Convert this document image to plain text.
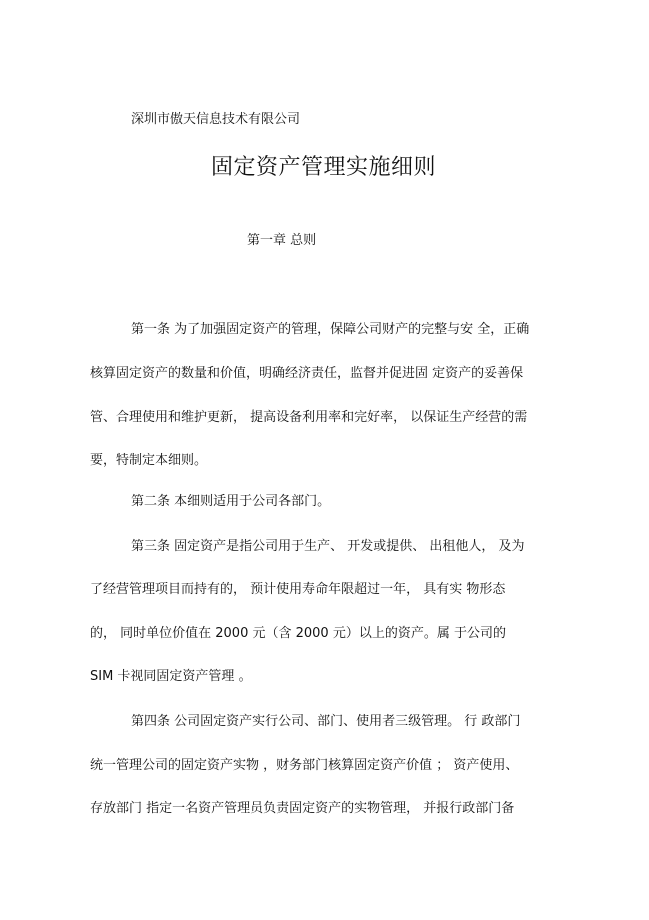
深圳市傲天信息技术有限公司

固定资产管理实施细则
第一章 总则

第一条 为了加强固定资产的管理，保障公司财产的完整与安 全，正确

核算固定资产的数量和价值，明确经济责任，监督并促进固 定资产的妥善保

管、合理使用和维护更新， 提高设备利用率和完好率， 以保证生产经营的需

要，特制定本细则。

第二条 本细则适用于公司各部门。

第三条 固定资产是指公司用于生产、 开发或提供、 出租他人， 及为

了经营管理项目而持有的， 预计使用寿命年限超过一年， 具有实 物形态

的， 同时单位价值在 2000 元（含 2000 元）以上的资产。属 于公司的

SIM 卡视同固定资产管理 。

第四条 公司固定资产实行公司、部门、使用者三级管理。 行 政部门

统一管理公司的固定资产实物 ，财务部门核算固定资产价值 ； 资产使用、

存放部门 指定一名资产管理员负责固定资产的实物管理， 并报行政部门备
